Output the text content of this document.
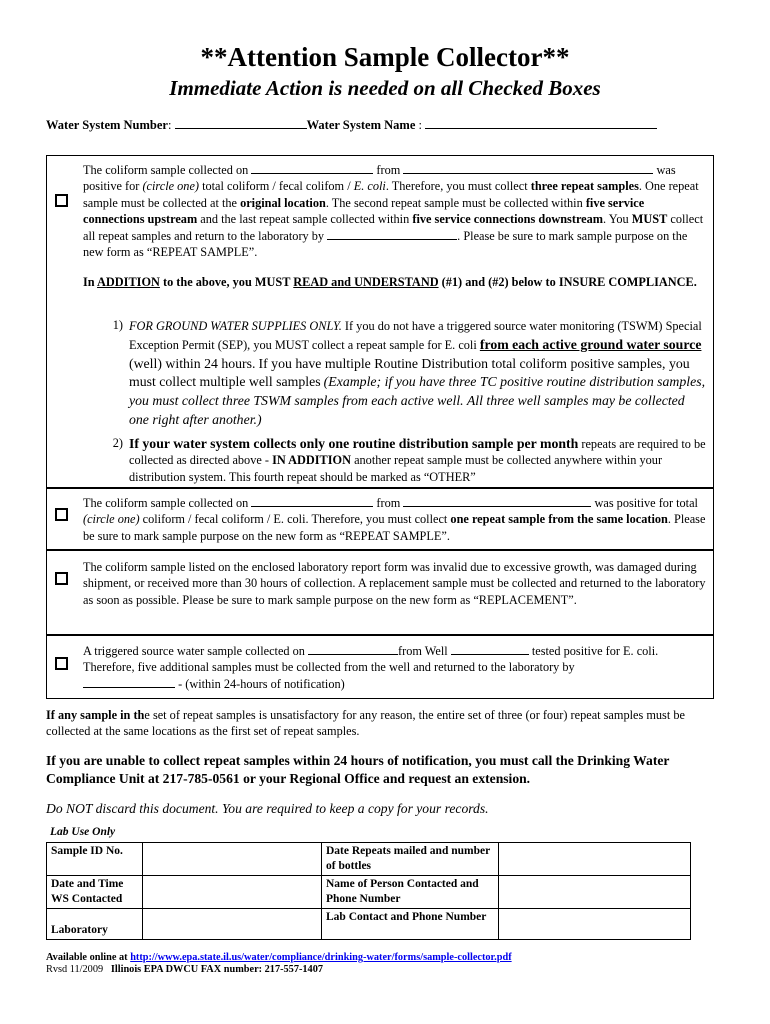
**Attention Sample Collector**
Immediate Action is needed on all Checked Boxes
Water System Number:	Water System Name :
The coliform sample collected on	from	was positive for (circle one) total coliform / fecal colifom / E. coli. Therefore, you must collect three repeat samples. One repeat sample must be collected at the original location. The second repeat sample must be collected within five service connections upstream and the last repeat sample collected within five service connections downstream. You MUST collect all repeat samples and return to the laboratory by	. Please be sure to mark sample purpose on the new form as “REPEAT SAMPLE”.
In ADDITION to the above, you MUST READ and UNDERSTAND (#1) and (#2) below to INSURE COMPLIANCE.
1) FOR GROUND WATER SUPPLIES ONLY. If you do not have a triggered source water monitoring (TSWM) Special Exception Permit (SEP), you MUST collect a repeat sample for E. coli from each active ground water source (well) within 24 hours. If you have multiple Routine Distribution total coliform positive samples, you must collect multiple well samples (Example; if you have three TC positive routine distribution samples, you must collect three TSWM samples from each active well. All three well samples may be collected one right after another.)
2) If your water system collects only one routine distribution sample per month repeats are required to be collected as directed above - IN ADDITION another repeat sample must be collected anywhere within your distribution system. This fourth repeat should be marked as “OTHER”
The coliform sample collected on	from	was positive for total (circle one) coliform / fecal coliform / E. coli. Therefore, you must collect one repeat sample from the same location. Please be sure to mark sample purpose on the new form as “REPEAT SAMPLE”.
The coliform sample listed on the enclosed laboratory report form was invalid due to excessive growth, was damaged during shipment, or received more than 30 hours of collection. A replacement sample must be collected and returned to the laboratory as soon as possible. Please be sure to mark sample purpose on the new form as “REPLACEMENT”.
A triggered source water sample collected on	from Well	tested positive for E. coli. Therefore, five additional samples must be collected from the well and returned to the laboratory by
- (within 24-hours of notification)
If any sample in the set of repeat samples is unsatisfactory for any reason, the entire set of three (or four) repeat samples must be collected at the same locations as the first set of repeat samples.
If you are unable to collect repeat samples within 24 hours of notification, you must call the Drinking Water Compliance Unit at 217-785-0561 or your Regional Office and request an extension.
Do NOT discard this document. You are required to keep a copy for your records.
Lab Use Only
Sample ID No.		Date Repeats mailed and number of bottles	
Date and Time WS Contacted		Name of Person Contacted and Phone Number	
Laboratory		Lab Contact and Phone Number	
Available online at http://www.epa.state.il.us/water/compliance/drinking-water/forms/sample-collector.pdf
Rvsd 11/2009 Illinois EPA DWCU FAX number: 217-557-1407
